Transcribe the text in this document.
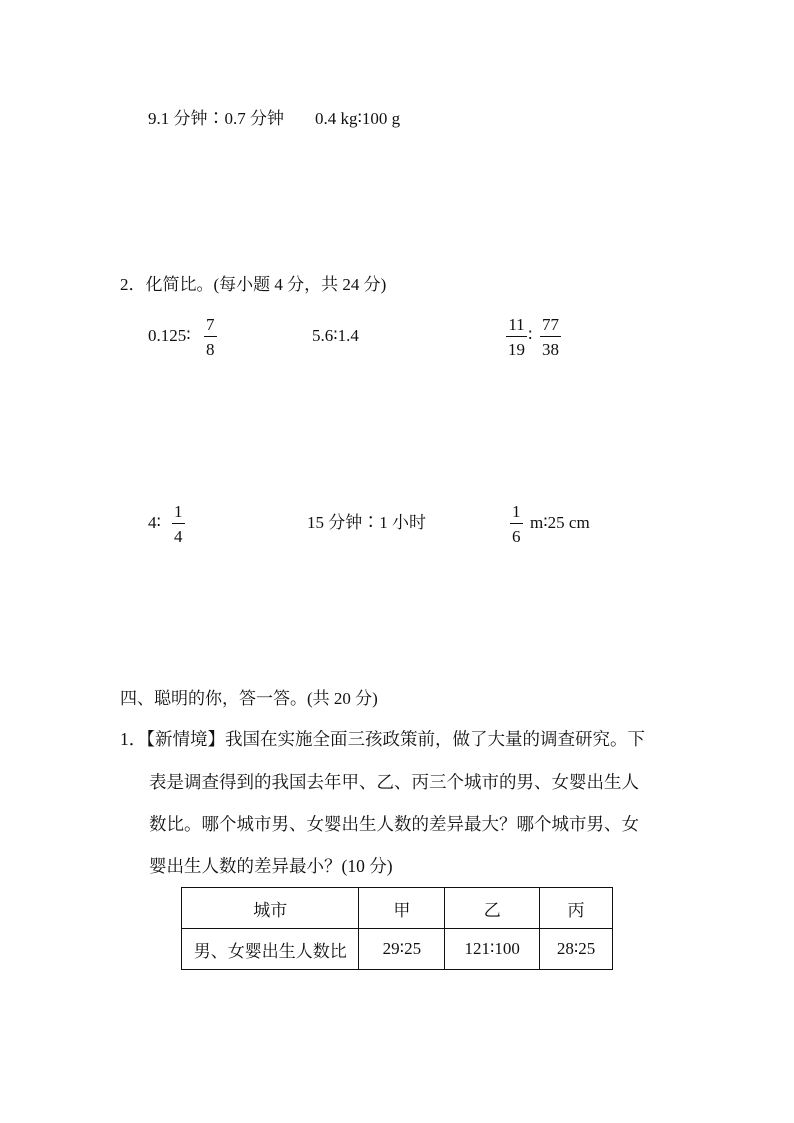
9.1 分钟∶0.7 分钟 0.4 kg∶100 g
2．化简比。(每小题 4 分，共 24 分)
0.125∶
7
8
5.6∶1.4
11
19
∶
77
38
4∶
1
4
15 分钟∶1 小时
1
6
m∶25 cm
四、聪明的你，答一答。(共 20 分)
1．【新情境】我国在实施全面三孩政策前，做了大量的调查研究。下
表是调查得到的我国去年甲、乙、丙三个城市的男、女婴出生人
数比。哪个城市男、女婴出生人数的差异最大？哪个城市男、女
婴出生人数的差异最小？(10 分)
城市	甲	乙	丙
男、女婴出生人数比	29∶25	121∶100	28∶25
